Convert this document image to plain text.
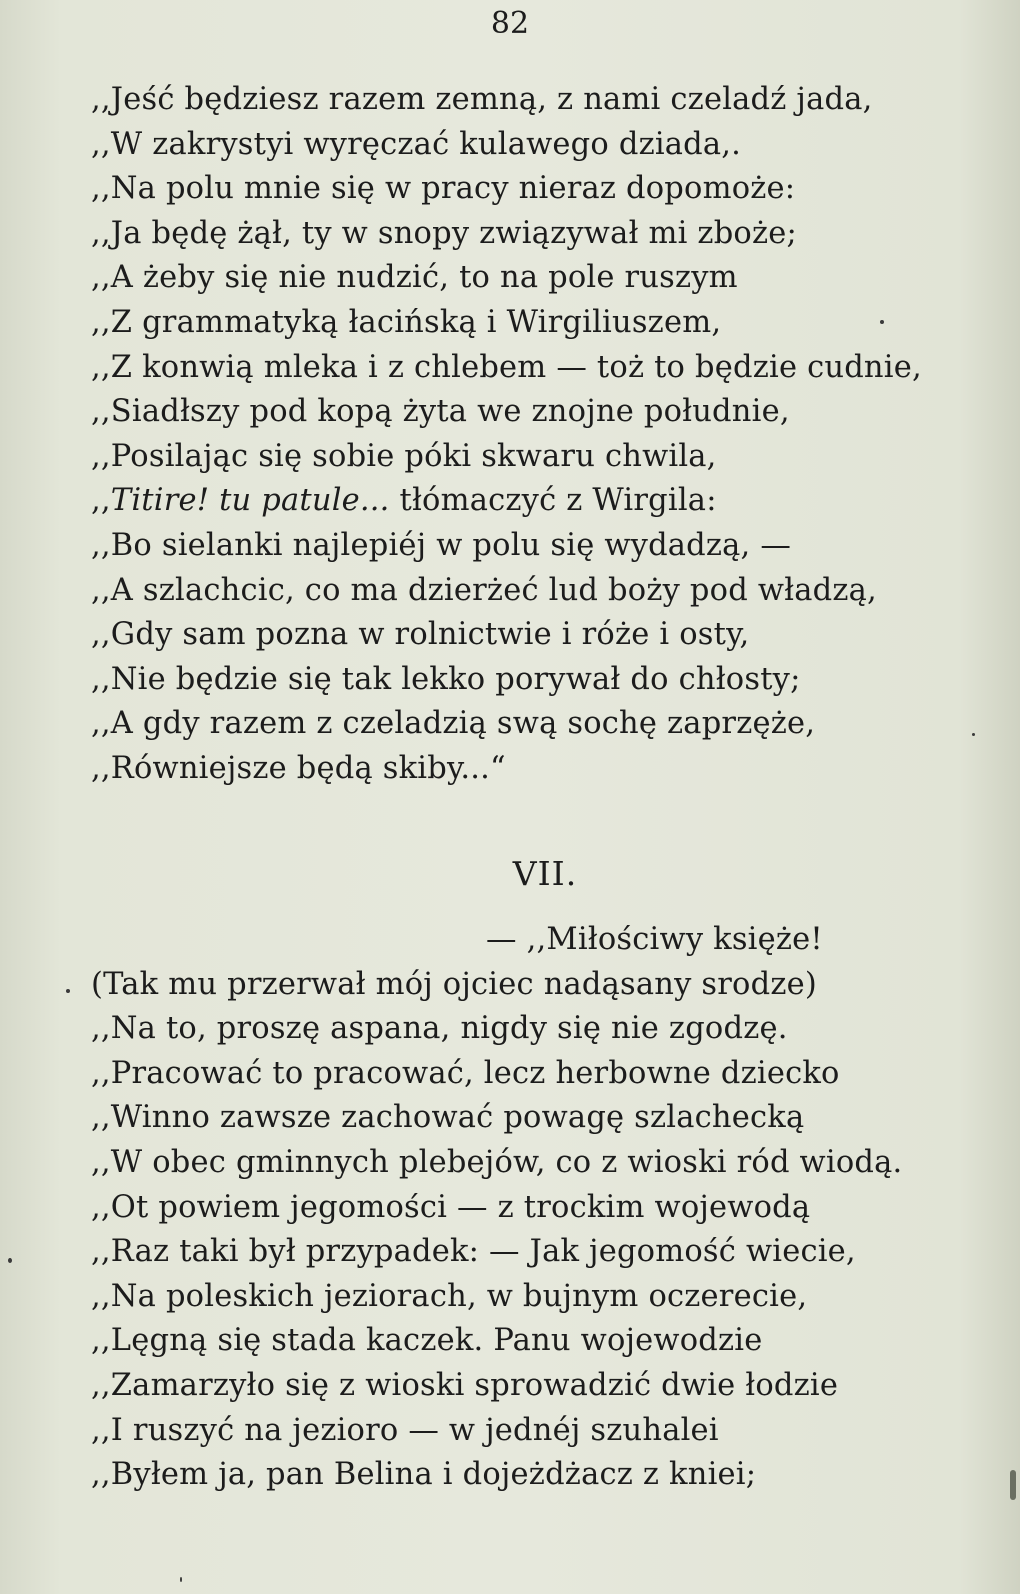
82
,,Jeść będziesz razem zemną, z nami czeladź jada,
,,W zakrystyi wyręczać kulawego dziada,.
,,Na polu mnie się w pracy nieraz dopomoże:
,,Ja będę żął, ty w snopy związywał mi zboże;
,,A żeby się nie nudzić, to na pole ruszym
,,Z grammatyką łacińską i Wirgiliuszem,
,,Z konwią mleka i z chlebem — toż to będzie cudnie,
,,Siadłszy pod kopą żyta we znojne południe,
,,Posilając się sobie póki skwaru chwila,
,,Titire! tu patule... tłómaczyć z Wirgila:
,,Bo sielanki najlepiéj w polu się wydadzą, —
,,A szlachcic, co ma dzierżeć lud boży pod władzą,
,,Gdy sam pozna w rolnictwie i róże i osty,
,,Nie będzie się tak lekko porywał do chłosty;
,,A gdy razem z czeladzią swą sochę zaprzęże,
,,Równiejsze będą skiby...“
VII.
— ,,Miłościwy księże!
(Tak mu przerwał mój ojciec nadąsany srodze)
,,Na to, proszę aspana, nigdy się nie zgodzę.
,,Pracować to pracować, lecz herbowne dziecko
,,Winno zawsze zachować powagę szlachecką
,,W obec gminnych plebejów, co z wioski ród wiodą.
,,Ot powiem jegomości — z trockim wojewodą
,,Raz taki był przypadek: — Jak jegomość wiecie,
,,Na poleskich jeziorach, w bujnym oczerecie,
,,Lęgną się stada kaczek. Panu wojewodzie
,,Zamarzyło się z wioski sprowadzić dwie łodzie
,,I ruszyć na jezioro — w jednéj szuhalei
,,Byłem ja, pan Belina i dojeżdżacz z kniei;
